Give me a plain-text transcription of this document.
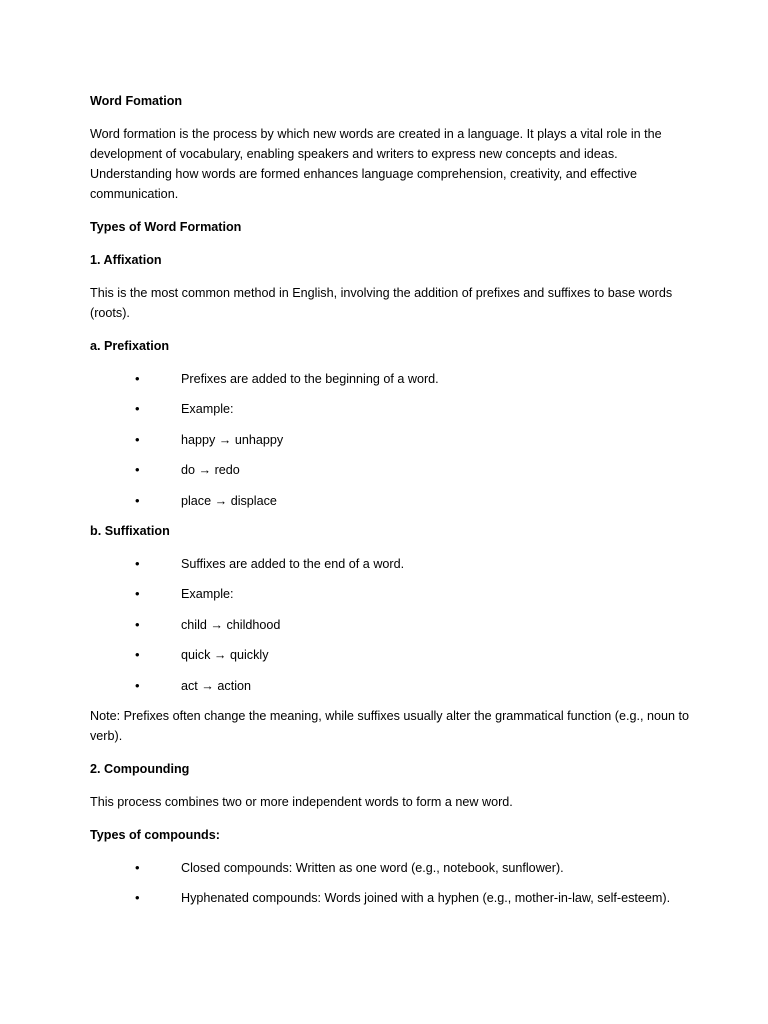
Word Fomation

Word formation is the process by which new words are created in a language. It plays a vital role in the development of vocabulary, enabling speakers and writers to express new concepts and ideas. Understanding how words are formed enhances language comprehension, creativity, and effective communication.

Types of Word Formation

1. Affixation

This is the most common method in English, involving the addition of prefixes and suffixes to base words (roots).

a. Prefixation

•	Prefixes are added to the beginning of a word.
•	Example:
•	happy → unhappy
•	do → redo
•	place → displace

b. Suffixation

•	Suffixes are added to the end of a word.
•	Example:
•	child → childhood
•	quick → quickly
•	act → action

Note: Prefixes often change the meaning, while suffixes usually alter the grammatical function (e.g., noun to verb).

2. Compounding

This process combines two or more independent words to form a new word.

Types of compounds:

•	Closed compounds: Written as one word (e.g., notebook, sunflower).
•	Hyphenated compounds: Words joined with a hyphen (e.g., mother-in-law, self-esteem).
